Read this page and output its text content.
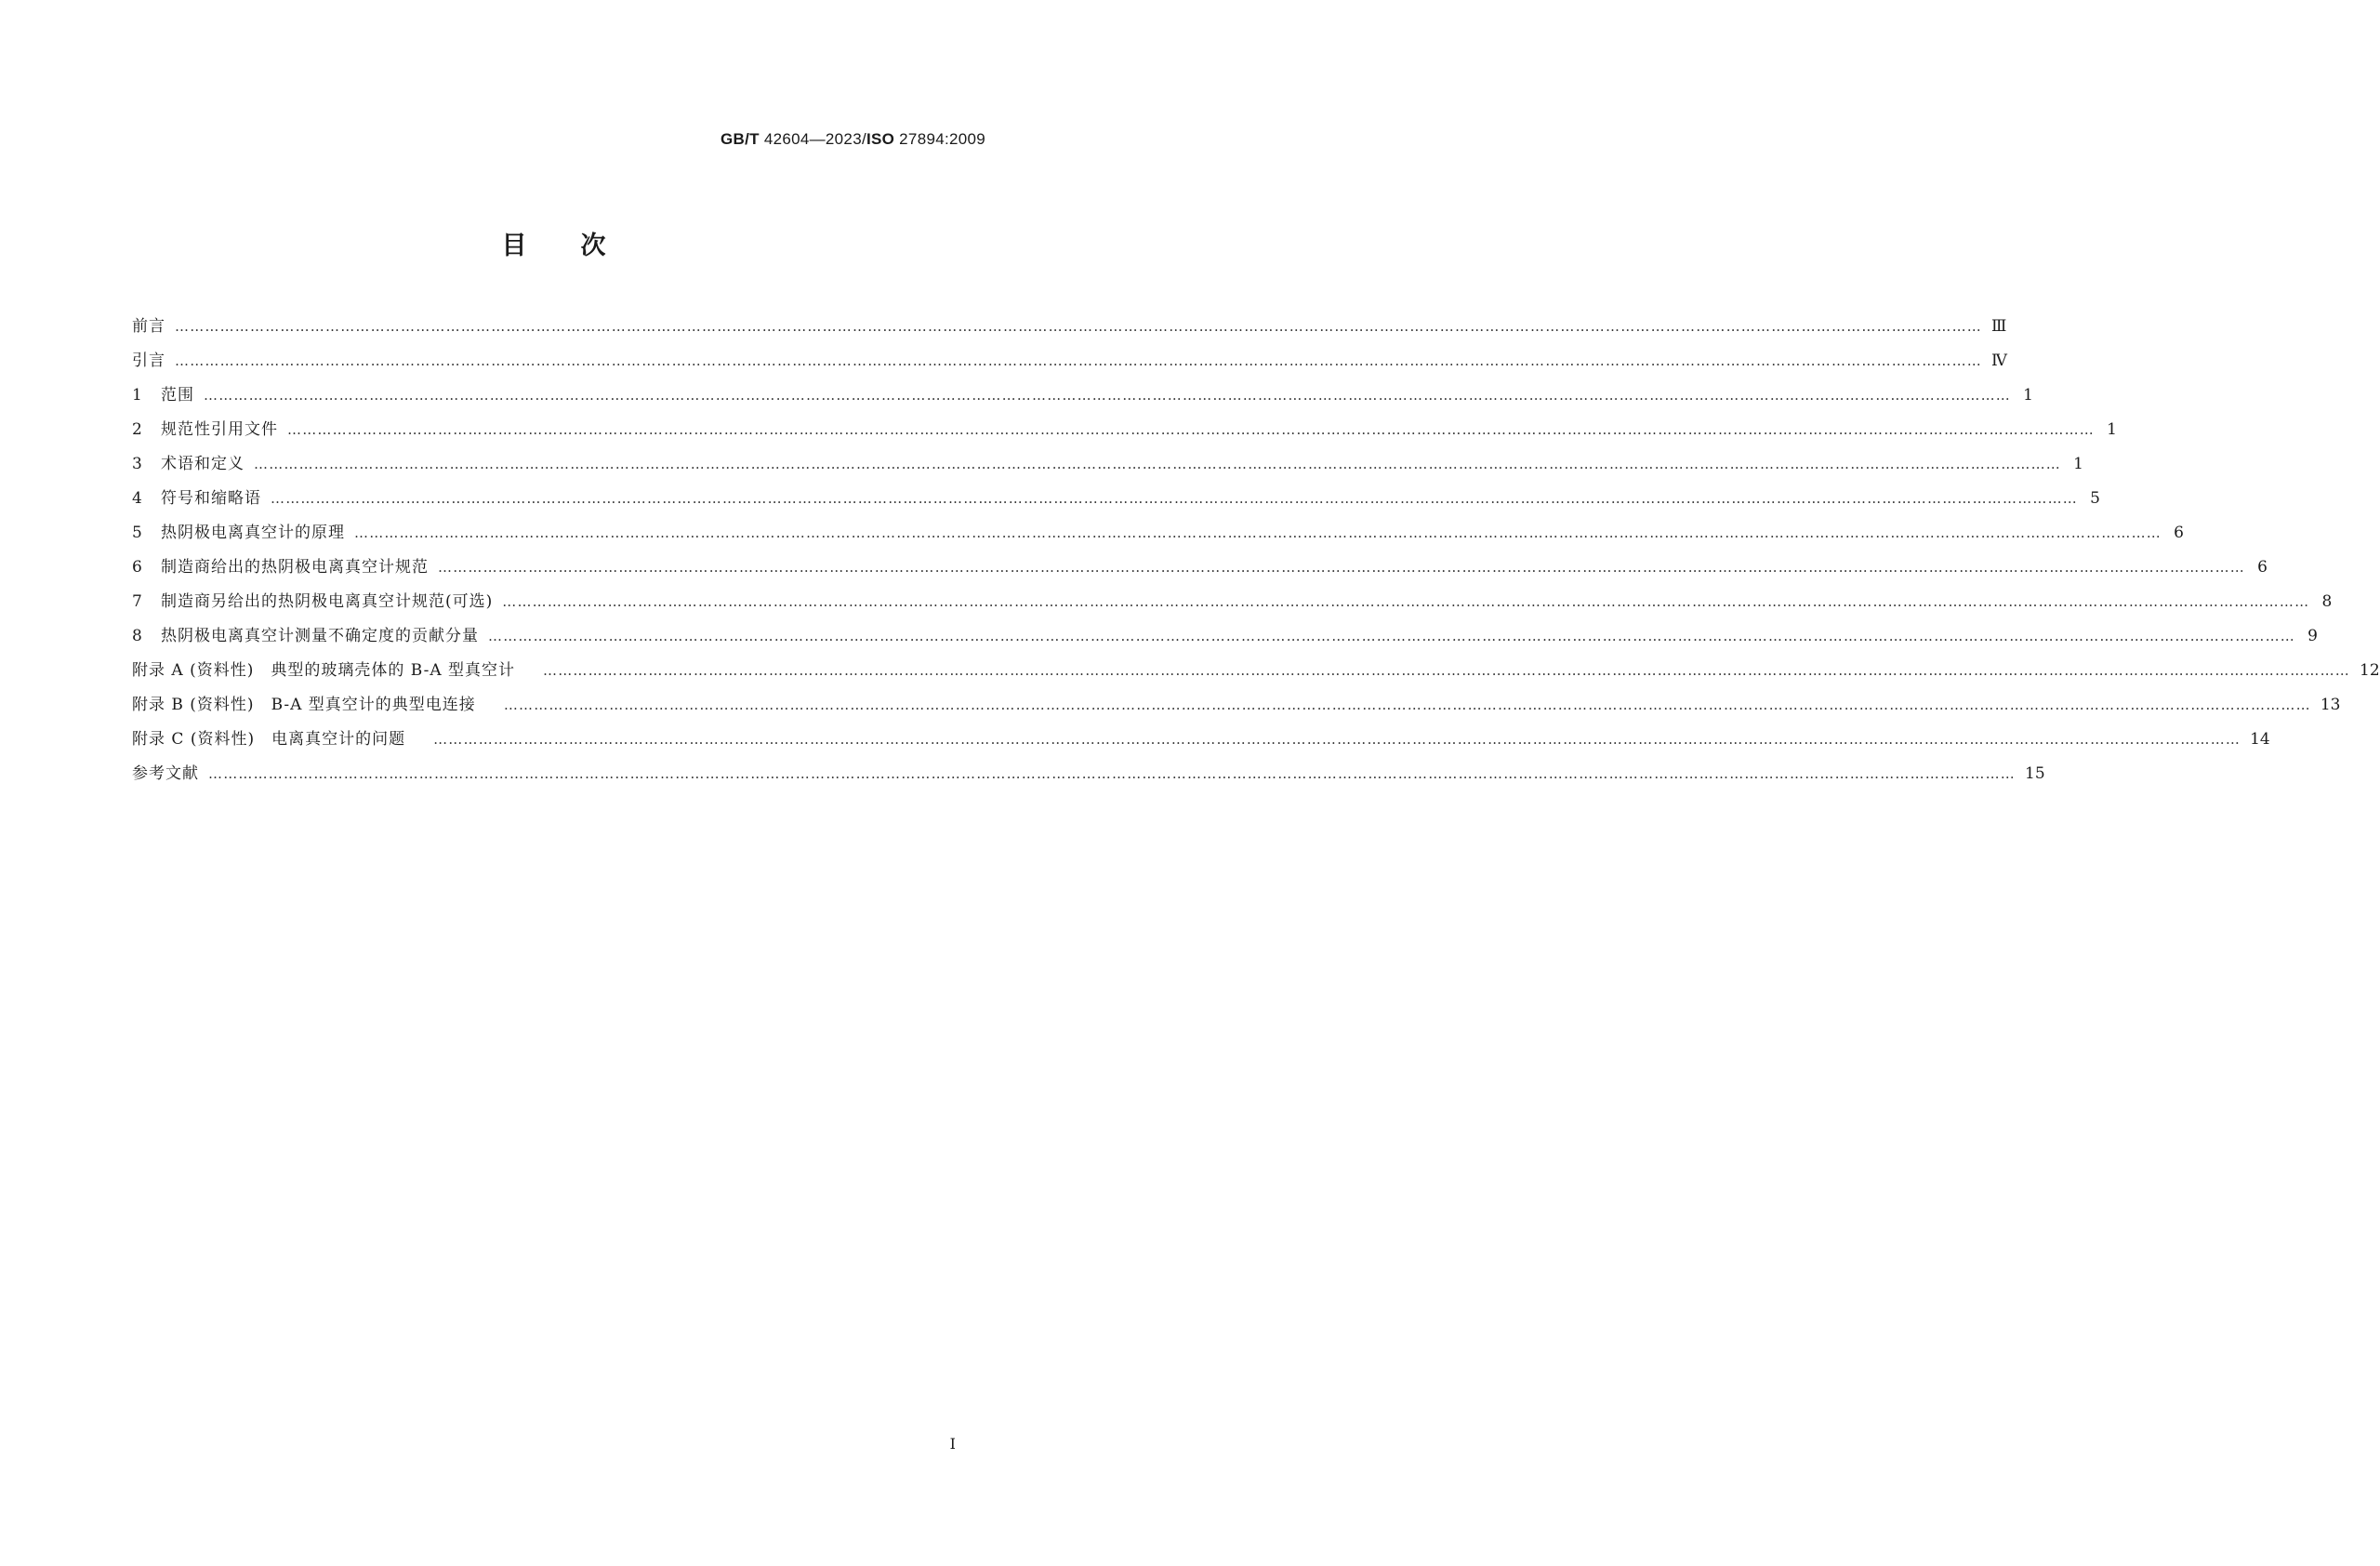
GB/T 42604—2023/ISO 27894:2009
目次
前言 ……………………………………………………………………………………………………………………………………………………………………………………………………………………………………………………………………………………………………………………………… Ⅲ
引言 ……………………………………………………………………………………………………………………………………………………………………………………………………………………………………………………………………………………………………………………………… Ⅳ
1	范围 ……………………………………………………………………………………………………………………………………………………………………………………………………………………………………………………………………………………………………………………………… 1
2	规范性引用文件 ……………………………………………………………………………………………………………………………………………………………………………………………………………………………………………………………………………………………………………………………… 1
3	术语和定义 ……………………………………………………………………………………………………………………………………………………………………………………………………………………………………………………………………………………………………………………………… 1
4	符号和缩略语 ……………………………………………………………………………………………………………………………………………………………………………………………………………………………………………………………………………………………………………………………… 5
5	热阴极电离真空计的原理 ……………………………………………………………………………………………………………………………………………………………………………………………………………………………………………………………………………………………………………………………… 6
6	制造商给出的热阴极电离真空计规范 ……………………………………………………………………………………………………………………………………………………………………………………………………………………………………………………………………………………………………………………………… 6
7	制造商另给出的热阴极电离真空计规范(可选) ……………………………………………………………………………………………………………………………………………………………………………………………………………………………………………………………………………………………………………………………… 8
8	热阴极电离真空计测量不确定度的贡献分量 ……………………………………………………………………………………………………………………………………………………………………………………………………………………………………………………………………………………………………………………………… 9
附录 A (资料性)  典型的玻璃壳体的 B-A 型真空计	……………………………………………………………………………………………………………………………………………………………………………………………………………………………………………………………………………………………………………………………… 12
附录 B (资料性)  B-A 型真空计的典型电连接	……………………………………………………………………………………………………………………………………………………………………………………………………………………………………………………………………………………………………………………………… 13
附录 C (资料性)  电离真空计的问题	……………………………………………………………………………………………………………………………………………………………………………………………………………………………………………………………………………………………………………………………… 14
参考文献 ……………………………………………………………………………………………………………………………………………………………………………………………………………………………………………………………………………………………………………………………… 15
I
